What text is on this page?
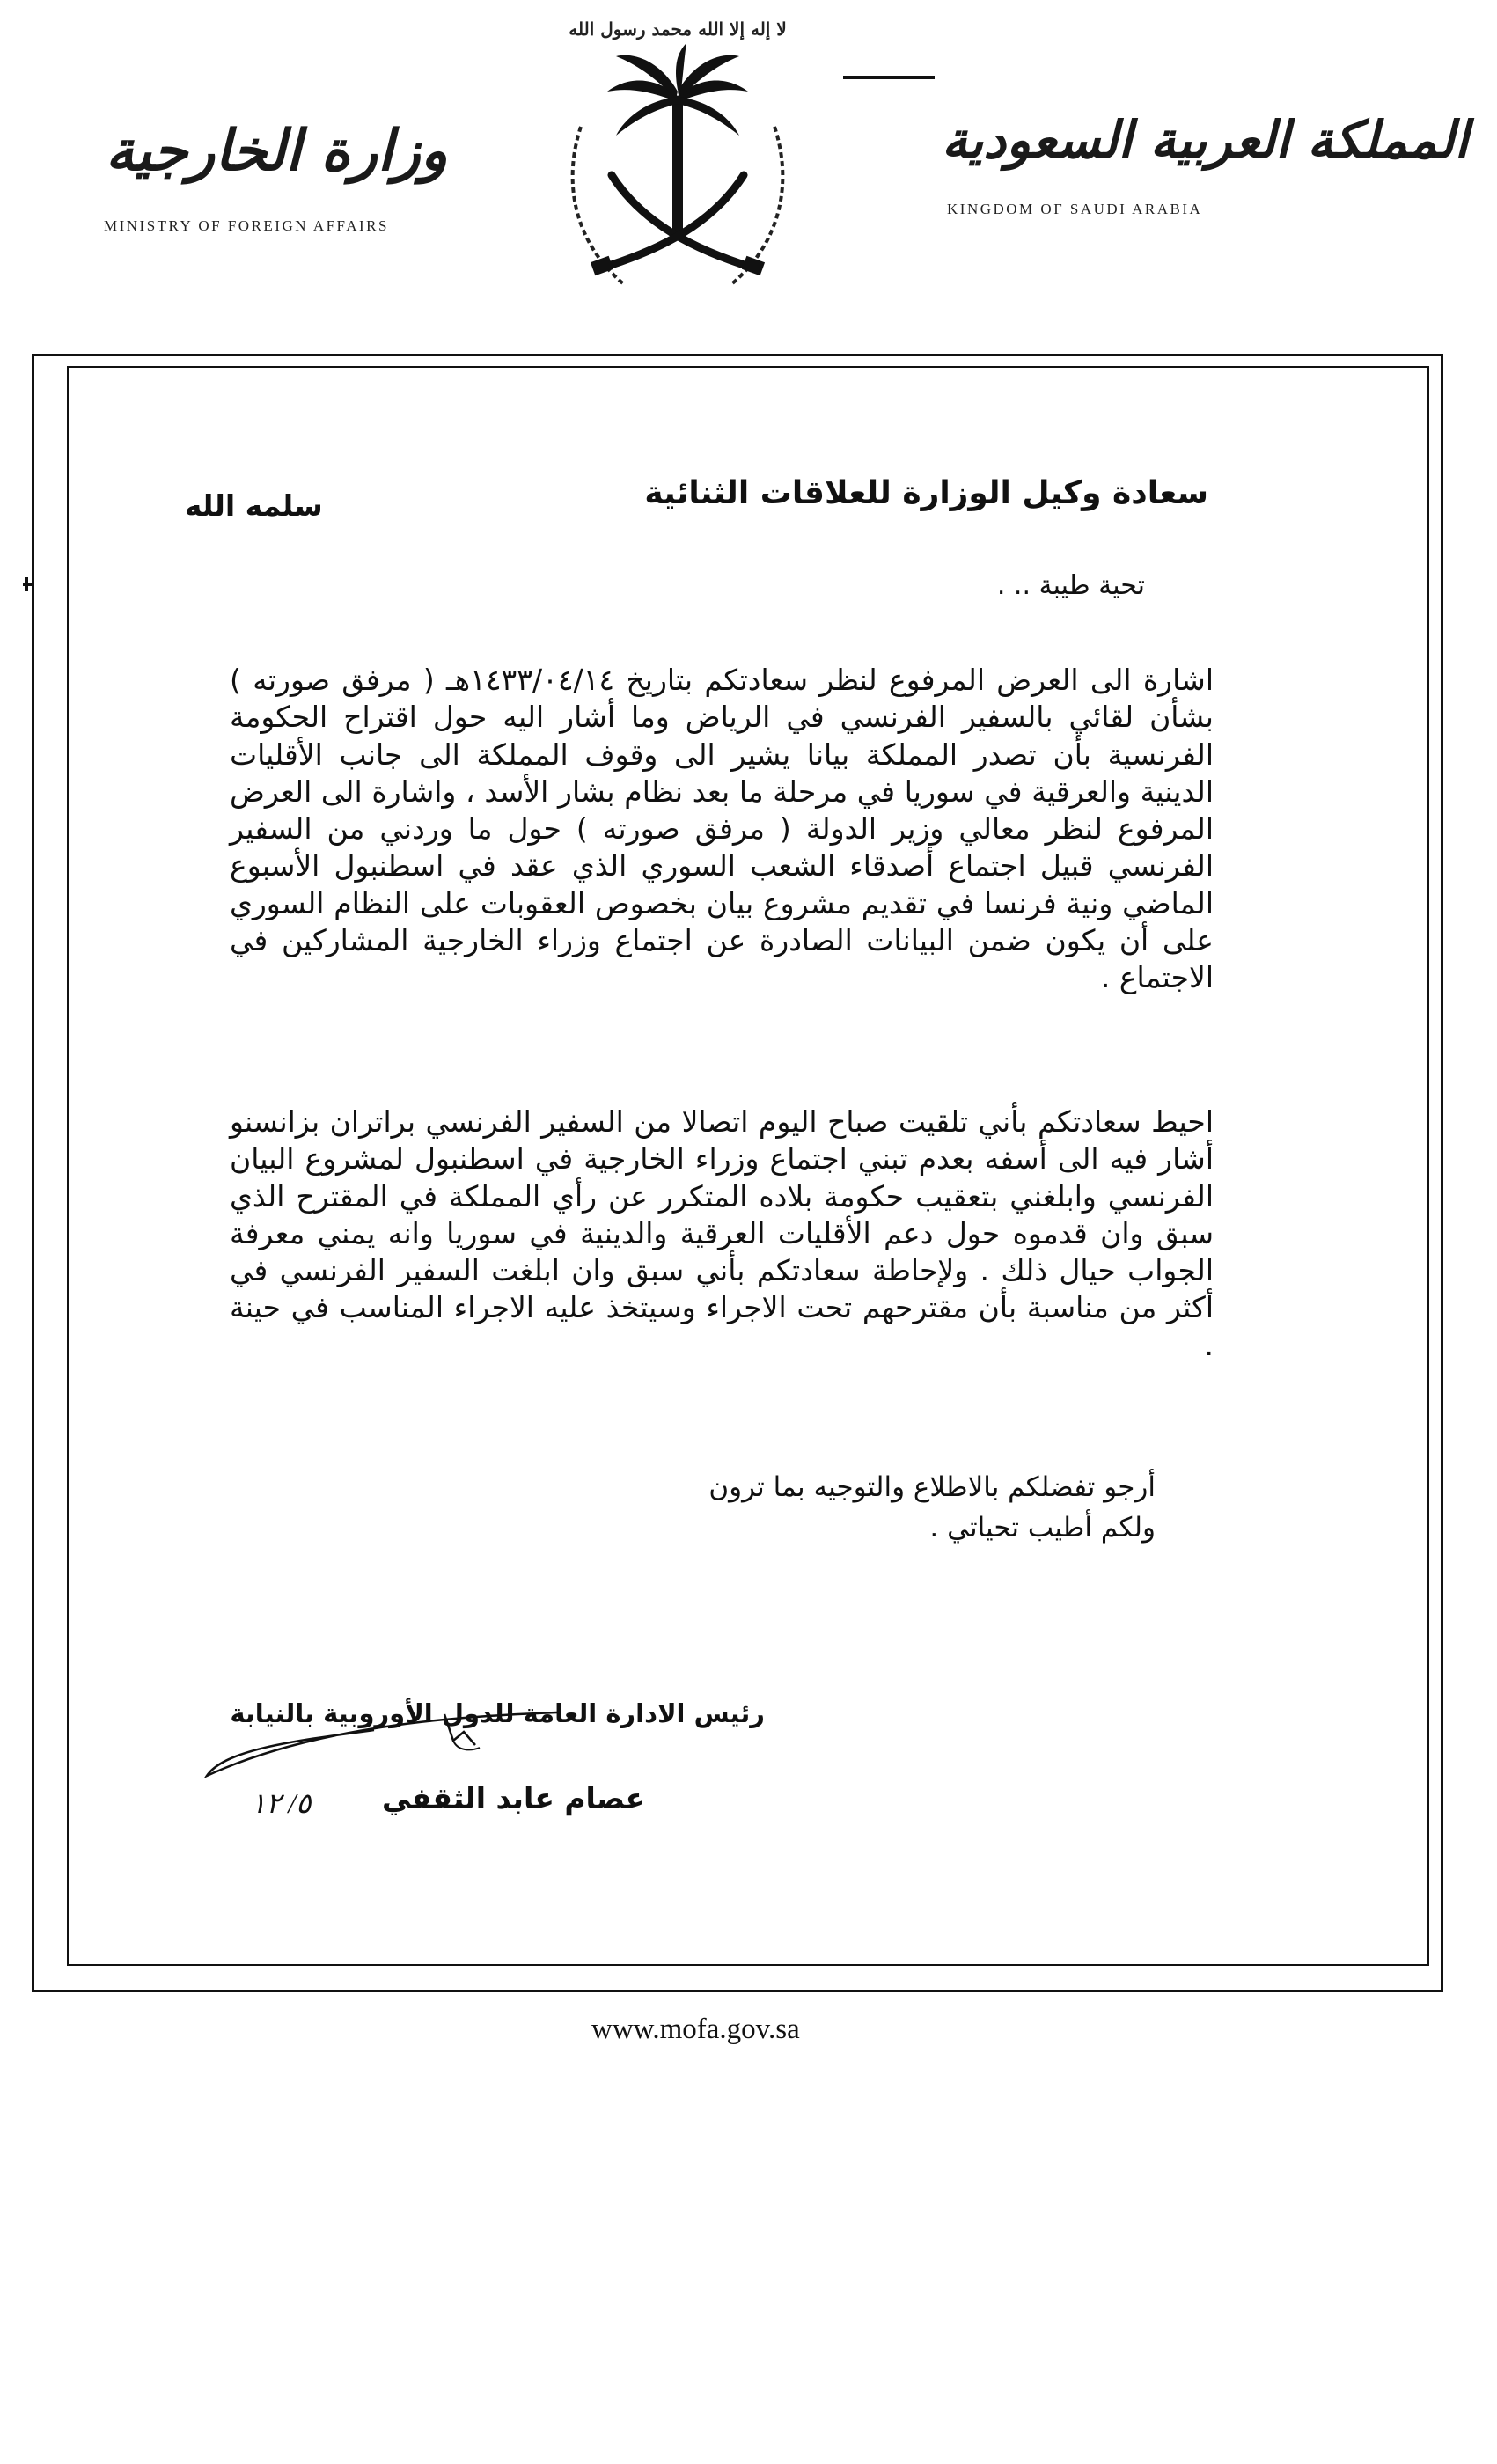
وزارة الخارجية
MINISTRY OF FOREIGN AFFAIRS
المملكة العربية السعودية
KINGDOM OF SAUDI ARABIA
لا إله إلا الله محمد رسول الله
سعادة وكيل الوزارة للعلاقات الثنائية
سلمه الله
تحية طيبة .. .
اشارة الى العرض المرفوع لنظر سعادتكم بتاريخ ١٤٣٣/٠٤/١٤هـ ( مرفق صورته ) بشأن لقائي بالسفير الفرنسي في الرياض وما أشار اليه حول اقتراح الحكومة الفرنسية بأن تصدر المملكة بيانا يشير الى وقوف المملكة الى جانب الأقليات الدينية والعرقية في سوريا في مرحلة ما بعد نظام بشار الأسد ، واشارة الى العرض المرفوع لنظر معالي وزير الدولة ( مرفق صورته ) حول ما وردني من السفير الفرنسي قبيل اجتماع أصدقاء الشعب السوري الذي عقد في اسطنبول الأسبوع الماضي ونية فرنسا في تقديم مشروع بيان بخصوص العقوبات على النظام السوري على أن يكون ضمن البيانات الصادرة عن اجتماع وزراء الخارجية المشاركين في الاجتماع .
احيط سعادتكم بأني تلقيت صباح اليوم اتصالا من السفير الفرنسي براتران بزانسنو أشار فيه الى أسفه بعدم تبني اجتماع وزراء الخارجية في اسطنبول لمشروع البيان الفرنسي وابلغني بتعقيب حكومة بلاده المتكرر عن رأي المملكة في المقترح الذي سبق وان قدموه حول دعم الأقليات العرقية والدينية في سوريا وانه يمني معرفة الجواب حيال ذلك . ولإحاطة سعادتكم بأني سبق وان ابلغت السفير الفرنسي في أكثر من مناسبة بأن مقترحهم تحت الاجراء وسيتخذ عليه الاجراء المناسب في حينة .
أرجو تفضلكم بالاطلاع والتوجيه بما ترون
ولكم أطيب تحياتي .
رئيس الادارة العامة للدول الأوروبية بالنيابة
عصام عابد الثقفي
٥/ ١٢
www.mofa.gov.sa
